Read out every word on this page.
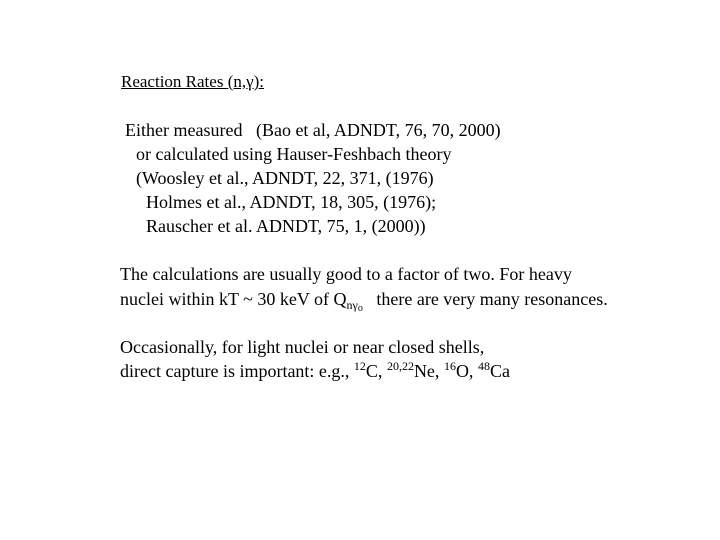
Reaction Rates (n,γ):
Either measured   (Bao et al, ADNDT, 76, 70, 2000)
or calculated using Hauser-Feshbach theory
(Woosley et al., ADNDT, 22, 371, (1976)
Holmes et al., ADNDT, 18, 305, (1976);
Rauscher et al. ADNDT, 75, 1, (2000))
The calculations are usually good to a factor of two. For heavy
nuclei within kT ~ 30 keV of $Q_{n\gamma o}$   there are very many resonances.
Occasionally, for light nuclei or near closed shells,
direct capture is important: e.g., $^{12}$C, $^{20,22}$Ne, $^{16}$O, $^{48}$Ca
